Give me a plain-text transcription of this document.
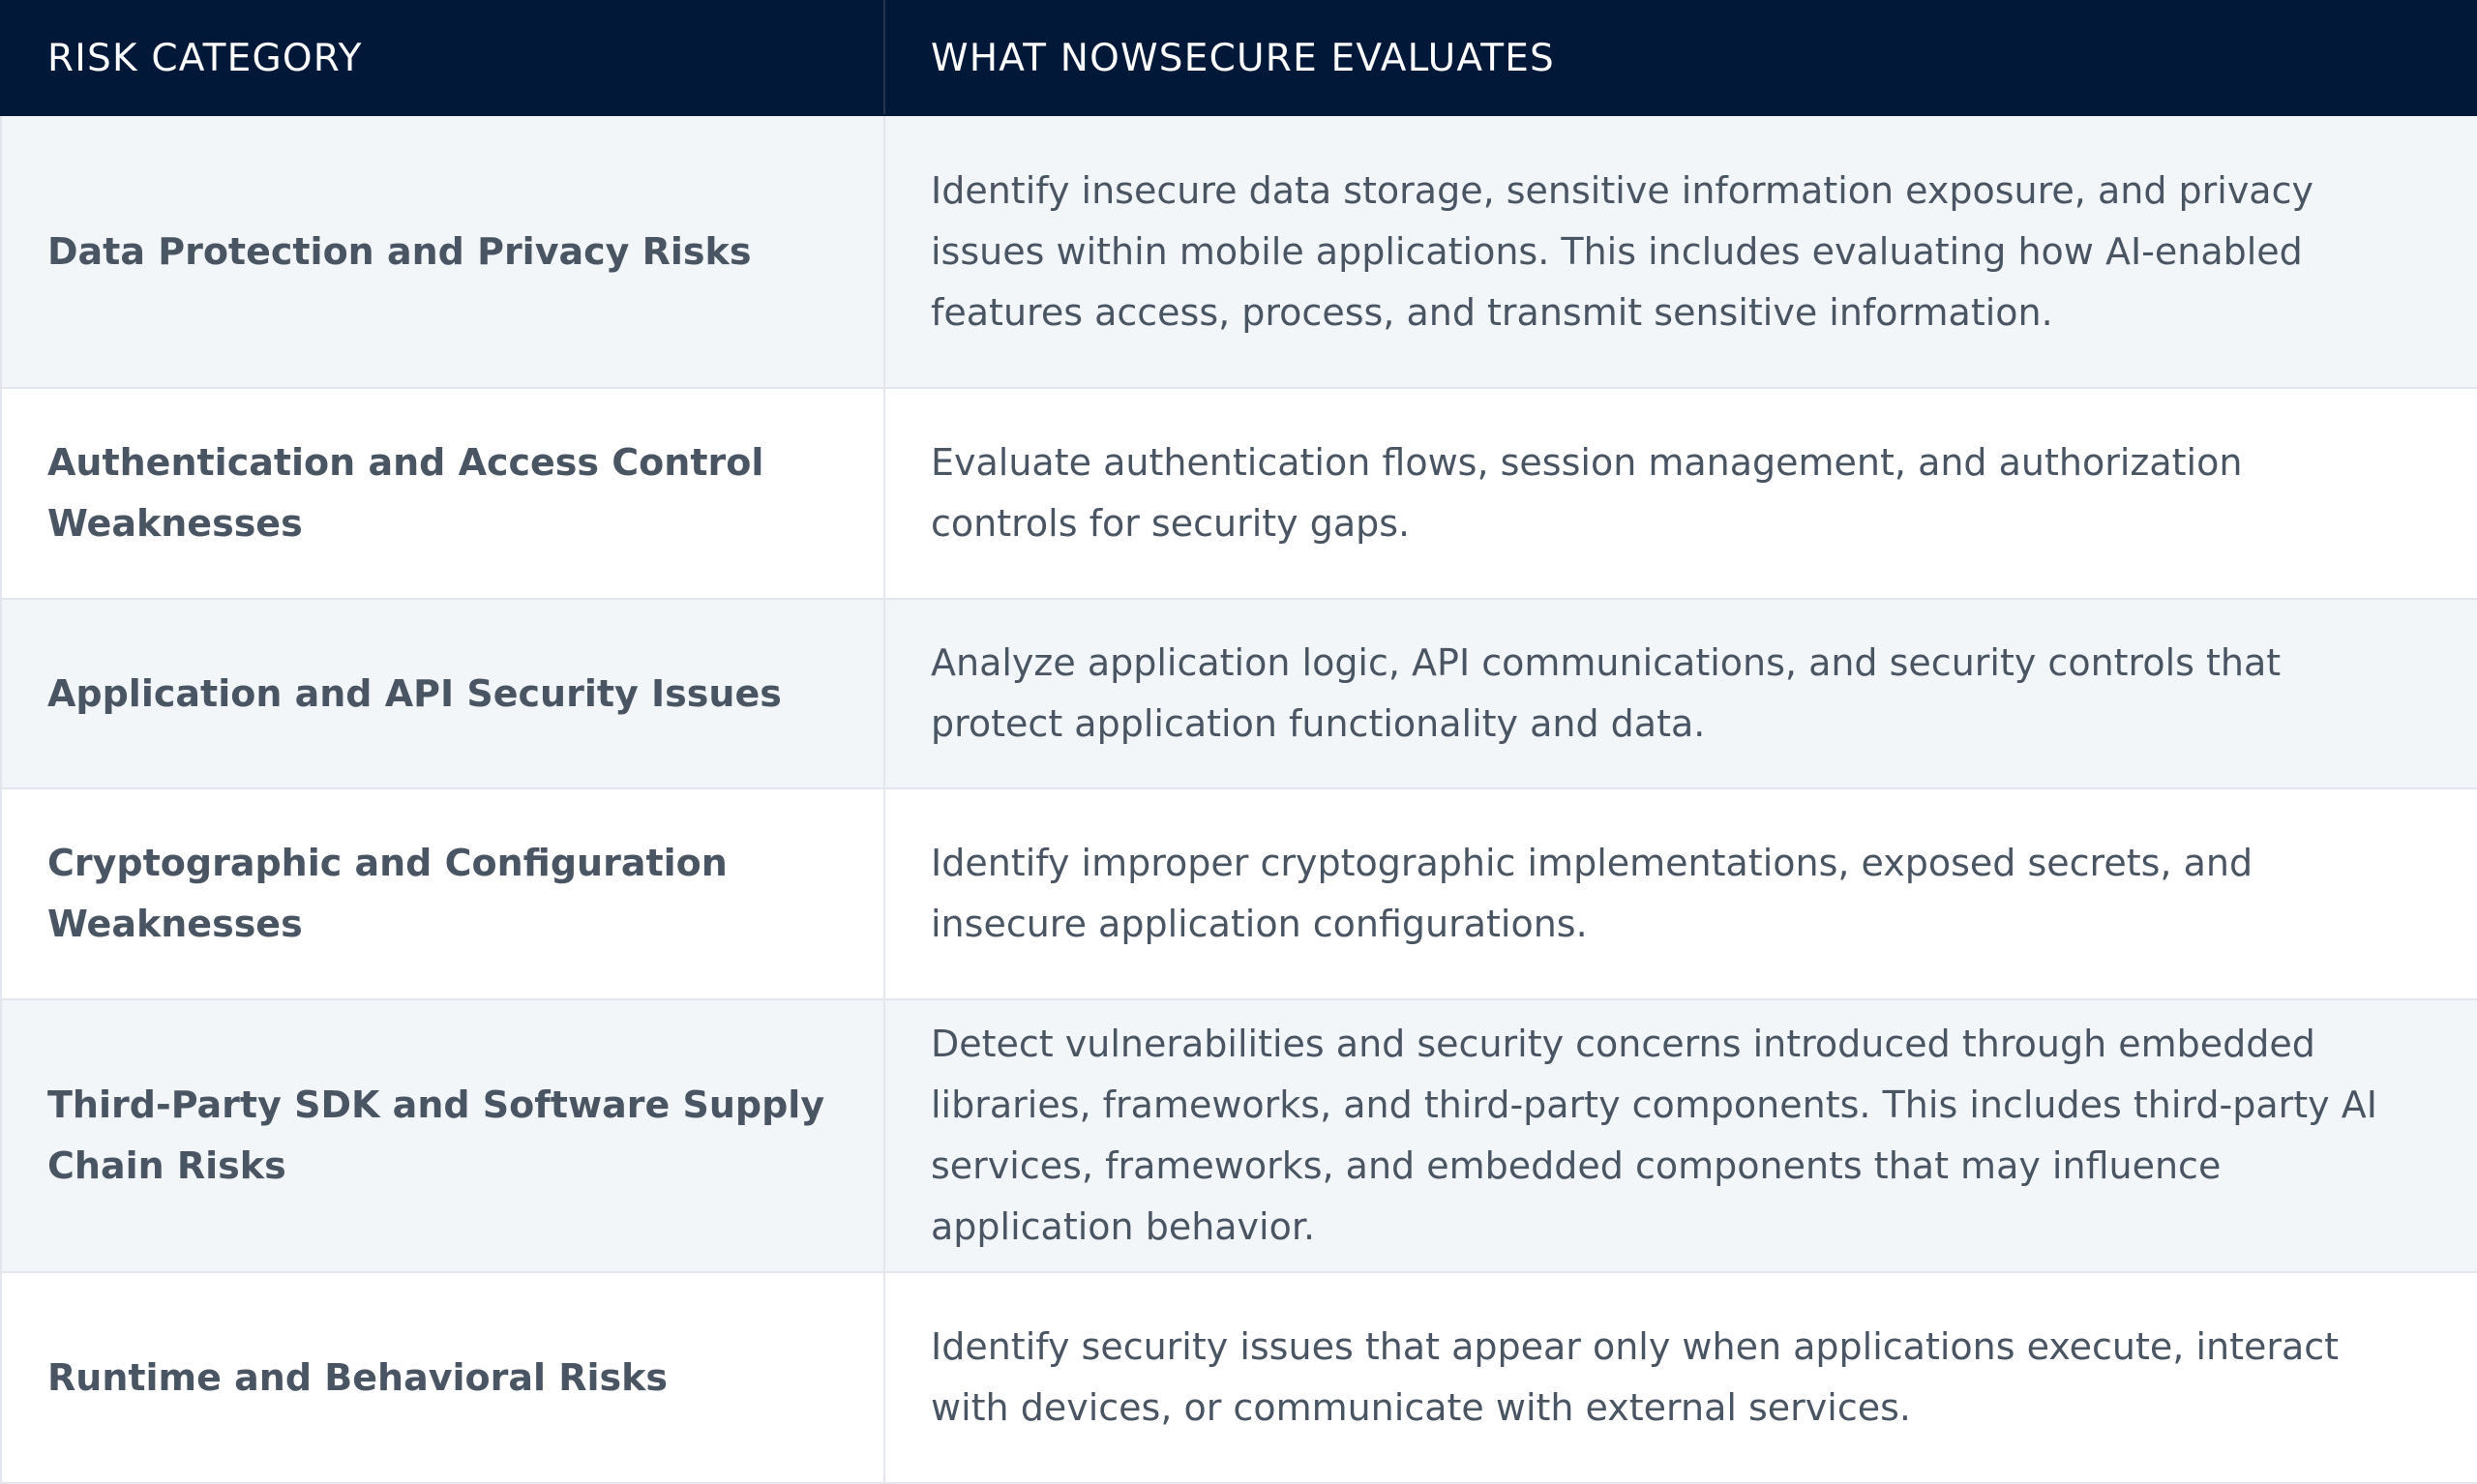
RISK CATEGORY	WHAT NOWSECURE EVALUATES

Data Protection and Privacy Risks	Identify insecure data storage, sensitive information exposure, and privacy issues within mobile applications. This includes evaluating how AI-enabled features access, process, and transmit sensitive information.

Authentication and Access Control Weaknesses	Evaluate authentication flows, session management, and authorization controls for security gaps.

Application and API Security Issues	Analyze application logic, API communications, and security controls that protect application functionality and data.

Cryptographic and Configuration Weaknesses	Identify improper cryptographic implementations, exposed secrets, and insecure application configurations.

Third-Party SDK and Software Supply Chain Risks	Detect vulnerabilities and security concerns introduced through embedded libraries, frameworks, and third-party components. This includes third-party AI services, frameworks, and embedded components that may influence application behavior.

Runtime and Behavioral Risks	Identify security issues that appear only when applications execute, interact with devices, or communicate with external services.
